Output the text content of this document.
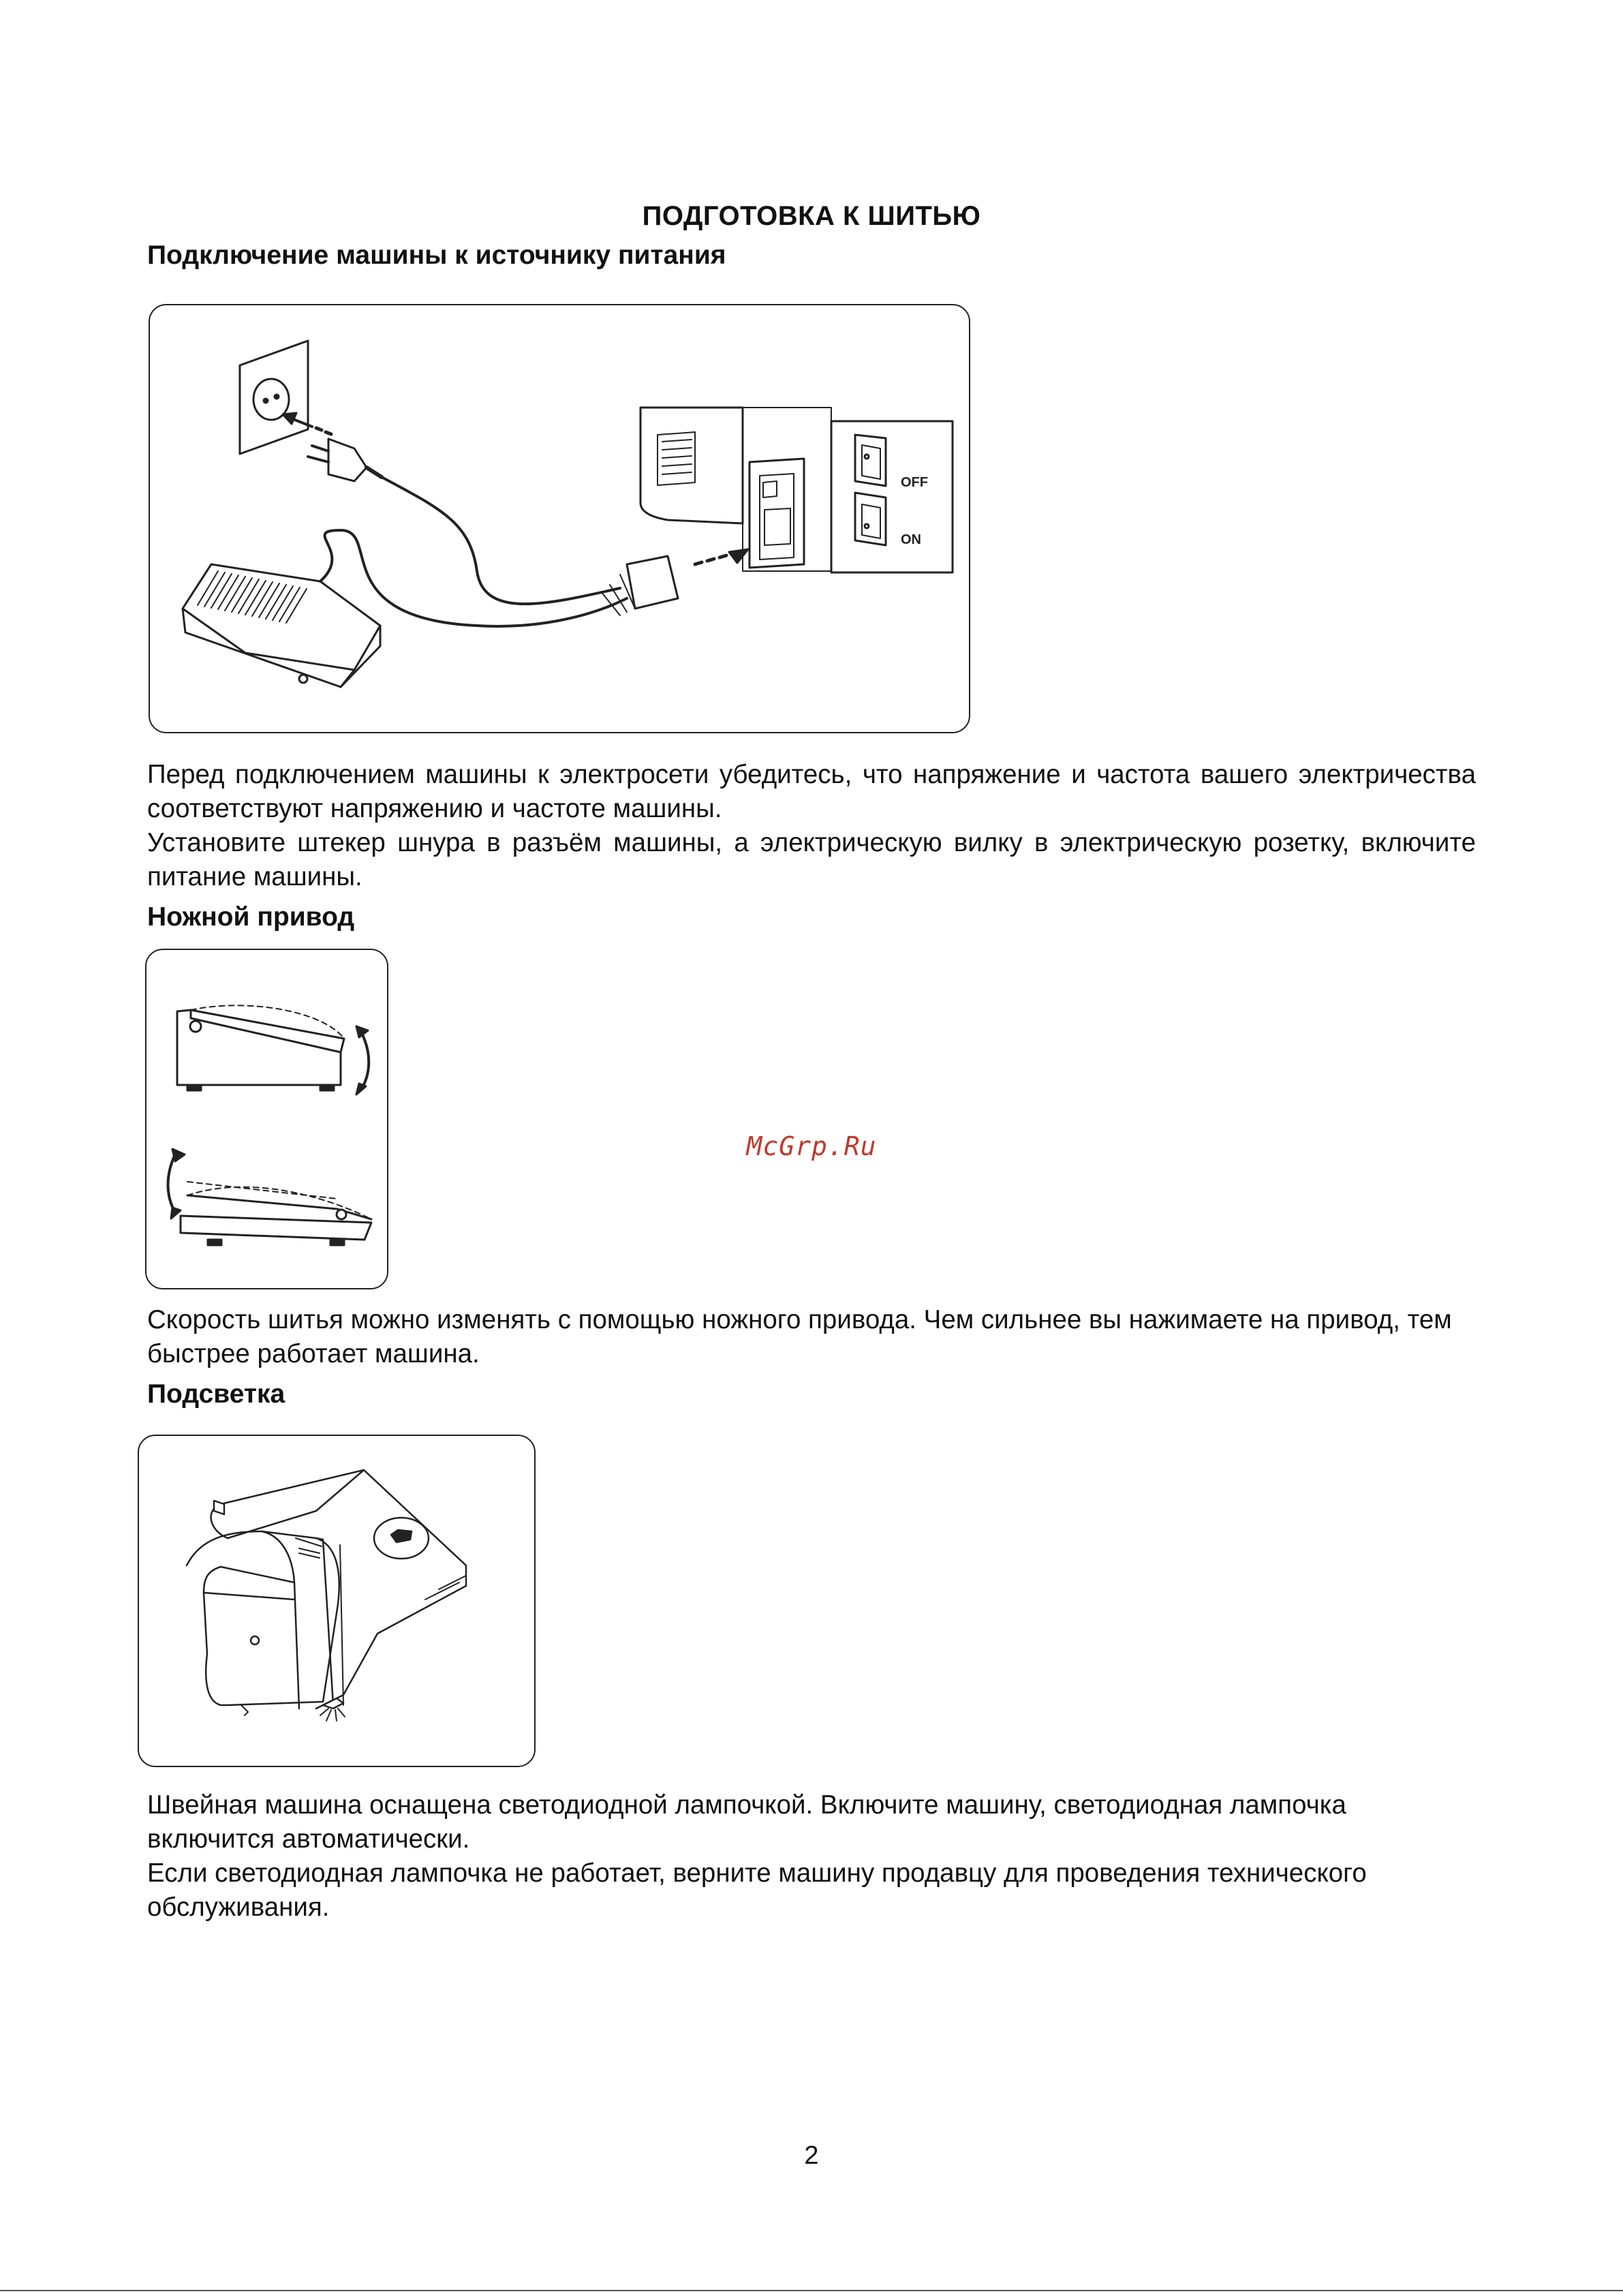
ПОДГОТОВКА К ШИТЬЮ
Подключение машины к источнику питания
OFF
ON

Перед подключением машины к электросети убедитесь, что напряжение и частота вашего электричества соответствуют напряжению и частоте машины.

Установите штекер шнура в разъём машины, а электрическую вилку в электрическую розетку, включите питание машины.

Ножной привод
McGrp.Ru

Скорость шитья можно изменять с помощью ножного привода. Чем сильнее вы нажимаете на привод, тем быстрее работает машина.

Подсветка

Швейная машина оснащена светодиодной лампочкой. Включите машину, светодиодная лампочка включится автоматически.

Если светодиодная лампочка не работает, верните машину продавцу для проведения технического обслуживания.

2
